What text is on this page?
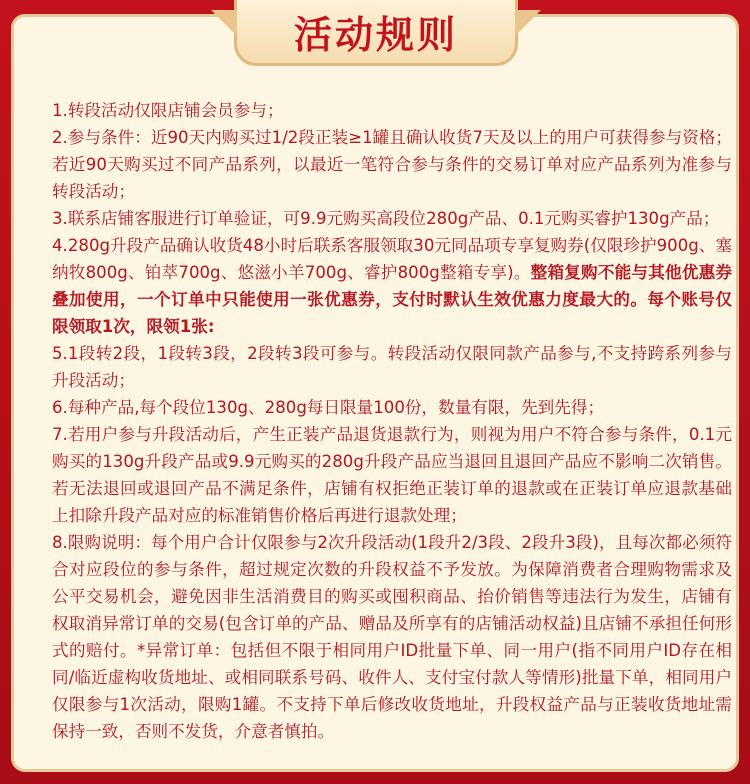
1.转段活动仅限店铺会员参与；

2.参与条件：近90天内购买过1/2段正装≥1罐且确认收货7天及以上的用户可获得参与资格；若近90天购买过不同产品系列，以最近一笔符合参与条件的交易订单对应产品系列为准参与转段活动；

3.联系店铺客服进行订单验证，可9.9元购买高段位280g产品、0.1元购买睿护130g产品；

4.280g升段产品确认收货48小时后联系客服领取30元同品项专享复购券(仅限珍护900g、塞纳牧800g、铂萃700g、悠滋小羊700g、睿护800g整箱专享)。整箱复购不能与其他优惠券叠加使用，一个订单中只能使用一张优惠券，支付时默认生效优惠力度最大的。每个账号仅限领取1次，限领1张:

5.1段转2段，1段转3段，2段转3段可参与。转段活动仅限同款产品参与,不支持跨系列参与升段活动；

6.每种产品,每个段位130g、280g每日限量100份，数量有限，先到先得；

7.若用户参与升段活动后，产生正装产品退货退款行为，则视为用户不符合参与条件，0.1元购买的130g升段产品或9.9元购买的280g升段产品应当退回且退回产品应不影响二次销售。若无法退回或退回产品不满足条件，店铺有权拒绝正装订单的退款或在正装订单应退款基础上扣除升段产品对应的标准销售价格后再进行退款处理；

8.限购说明：每个用户合计仅限参与2次升段活动(1段升2/3段、2段升3段)，且每次都必须符合对应段位的参与条件，超过规定次数的升段权益不予发放。为保障消费者合理购物需求及公平交易机会，避免因非生活消费目的购买或囤积商品、抬价销售等违法行为发生，店铺有权取消异常订单的交易(包含订单的产品、赠品及所享有的店铺活动权益)且店铺不承担任何形式的赔付。*异常订单：包括但不限于相同用户ID批量下单、同一用户(指不同用户ID存在相同/临近虚构收货地址、或相同联系号码、收件人、支付宝付款人等情形)批量下单，相同用户仅限参与1次活动，限购1罐。不支持下单后修改收货地址，升段权益产品与正装收货地址需保持一致，否则不发货，介意者慎拍。

活动规则
